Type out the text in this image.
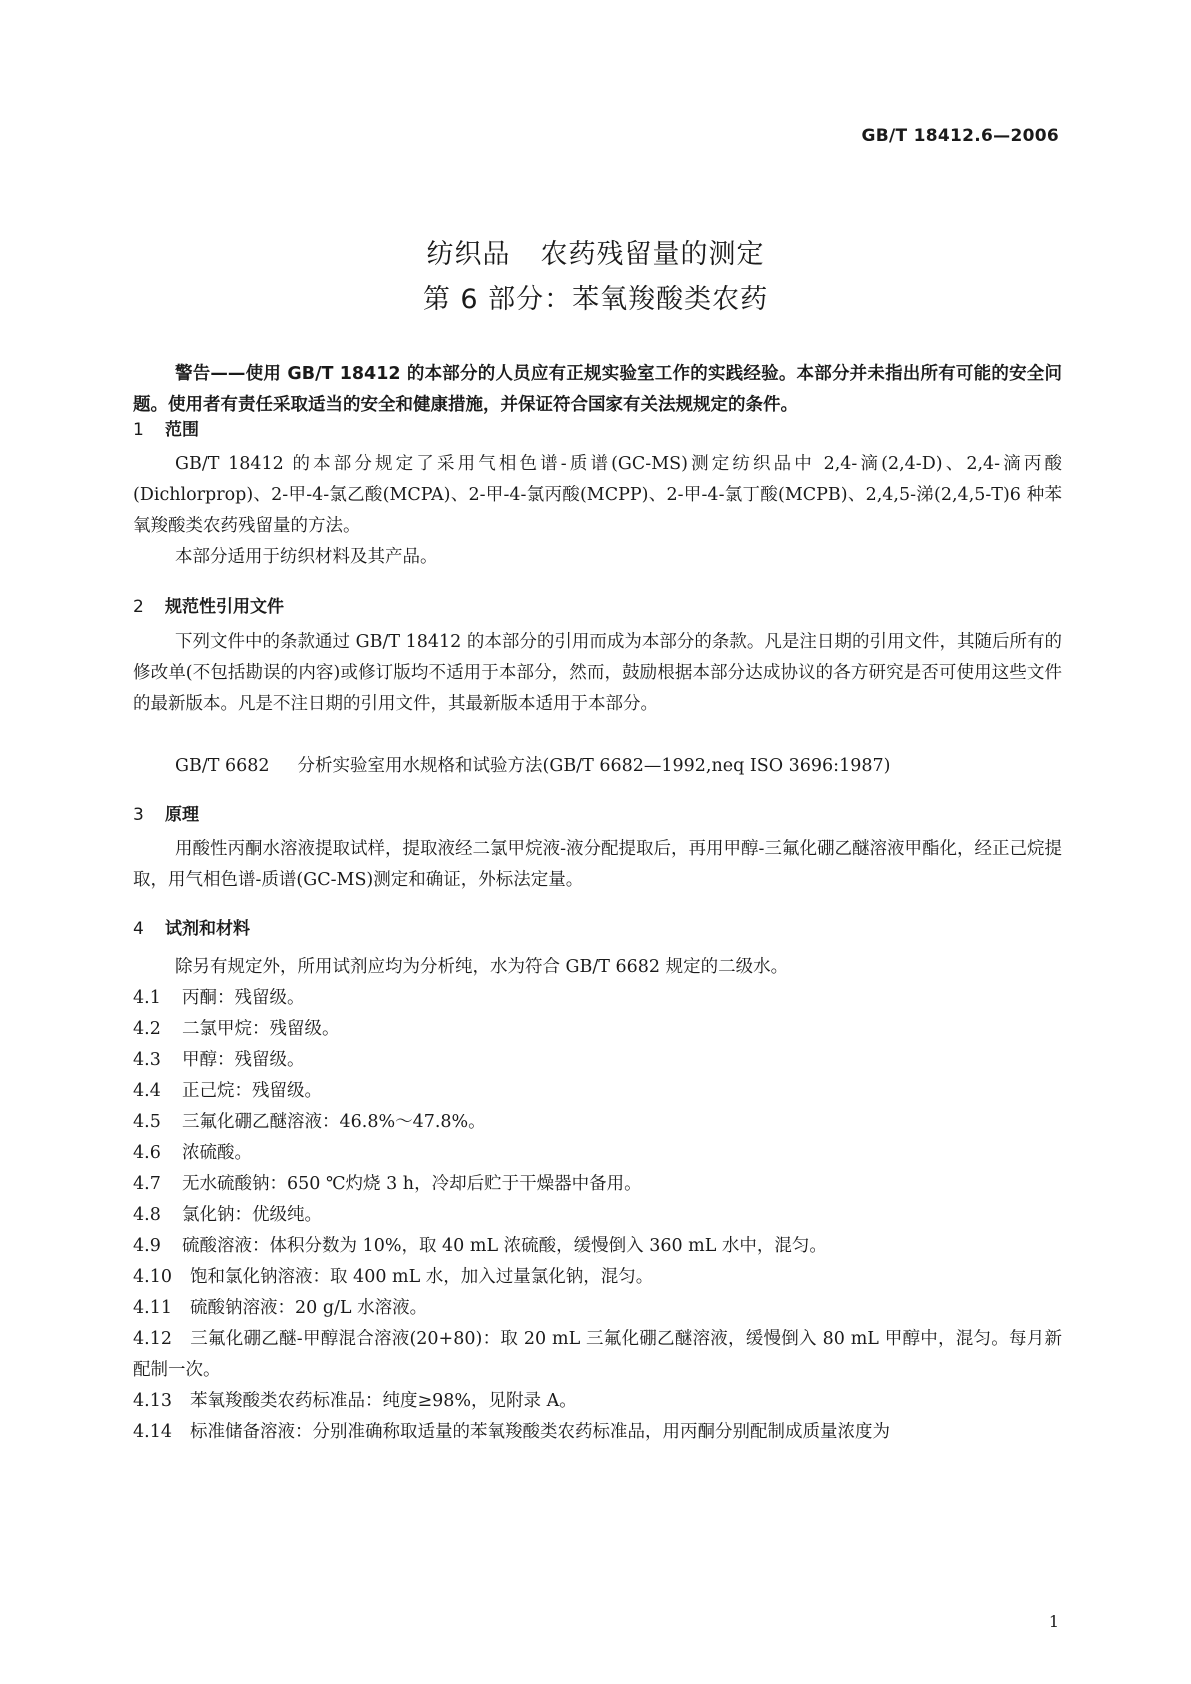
GB/T 18412.6—2006
纺织品 农药残留量的测定
第 6 部分：苯氧羧酸类农药
警告——使用 GB/T 18412 的本部分的人员应有正规实验室工作的实践经验。本部分并未指出所有可能的安全问题。使用者有责任采取适当的安全和健康措施，并保证符合国家有关法规规定的条件。
1 范围
GB/T 18412 的本部分规定了采用气相色谱-质谱(GC-MS)测定纺织品中 2,4-滴(2,4-D)、2,4-滴丙酸(Dichlorprop)、2-甲-4-氯乙酸(MCPA)、2-甲-4-氯丙酸(MCPP)、2-甲-4-氯丁酸(MCPB)、2,4,5-涕(2,4,5-T)6 种苯氧羧酸类农药残留量的方法。
本部分适用于纺织材料及其产品。
2 规范性引用文件
下列文件中的条款通过 GB/T 18412 的本部分的引用而成为本部分的条款。凡是注日期的引用文件，其随后所有的修改单(不包括勘误的内容)或修订版均不适用于本部分，然而，鼓励根据本部分达成协议的各方研究是否可使用这些文件的最新版本。凡是不注日期的引用文件，其最新版本适用于本部分。
GB/T 6682 分析实验室用水规格和试验方法(GB/T 6682—1992,neq ISO 3696:1987)
3 原理
用酸性丙酮水溶液提取试样，提取液经二氯甲烷液-液分配提取后，再用甲醇-三氟化硼乙醚溶液甲酯化，经正己烷提取，用气相色谱-质谱(GC-MS)测定和确证，外标法定量。
4 试剂和材料
除另有规定外，所用试剂应均为分析纯，水为符合 GB/T 6682 规定的二级水。
4.1 丙酮：残留级。
4.2 二氯甲烷：残留级。
4.3 甲醇：残留级。
4.4 正己烷：残留级。
4.5 三氟化硼乙醚溶液：46.8%～47.8%。
4.6 浓硫酸。
4.7 无水硫酸钠：650 ℃灼烧 3 h，冷却后贮于干燥器中备用。
4.8 氯化钠：优级纯。
4.9 硫酸溶液：体积分数为 10%，取 40 mL 浓硫酸，缓慢倒入 360 mL 水中，混匀。
4.10 饱和氯化钠溶液：取 400 mL 水，加入过量氯化钠，混匀。
4.11 硫酸钠溶液：20 g/L 水溶液。
4.12 三氟化硼乙醚-甲醇混合溶液(20+80)：取 20 mL 三氟化硼乙醚溶液，缓慢倒入 80 mL 甲醇中，混匀。每月新配制一次。
4.13 苯氧羧酸类农药标准品：纯度≥98%，见附录 A。
4.14 标准储备溶液：分别准确称取适量的苯氧羧酸类农药标准品，用丙酮分别配制成质量浓度为
1
